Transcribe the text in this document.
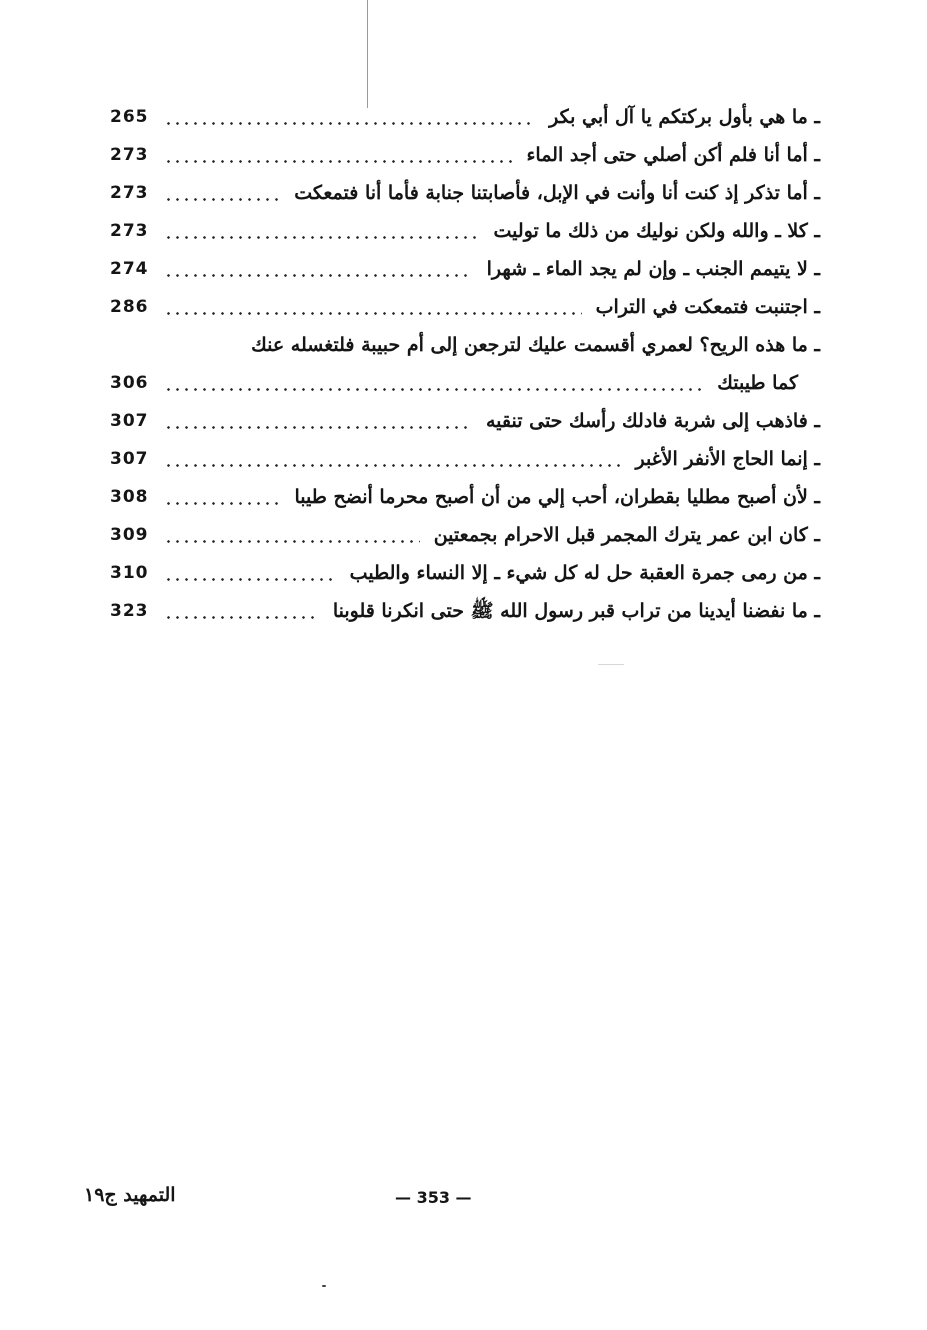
ـ ما هي بأول بركتكم يا آل أبي بكر
265
ـ أما أنا فلم أكن أصلي حتى أجد الماء
273
ـ أما تذكر إذ كنت أنا وأنت في الإبل، فأصابتنا جنابة فأما أنا فتمعكت
273
ـ كلا ـ والله ولكن نوليك من ذلك ما توليت
273
ـ لا يتيمم الجنب ـ وإن لم يجد الماء ـ شهرا
274
ـ اجتنبت فتمعكت في التراب
286
ـ ما هذه الريح؟ لعمري أقسمت عليك لترجعن إلى أم حبيبة فلتغسله عنك
كما طيبتك
306
ـ فاذهب إلى شربة فادلك رأسك حتى تنقيه
307
ـ إنما الحاج الأنفر الأغبر
307
ـ لأن أصبح مطليا بقطران، أحب إلي من أن أصبح محرما أنضح طيبا
308
ـ كان ابن عمر يترك المجمر قبل الاحرام بجمعتين
309
ـ من رمى جمرة العقبة حل له كل شيء ـ إلا النساء والطيب
310
ـ ما نفضنا أيدينا من تراب قبر رسول الله ﷺ حتى انكرنا قلوبنا
323
التمهيد ج١٩	— 353 —
